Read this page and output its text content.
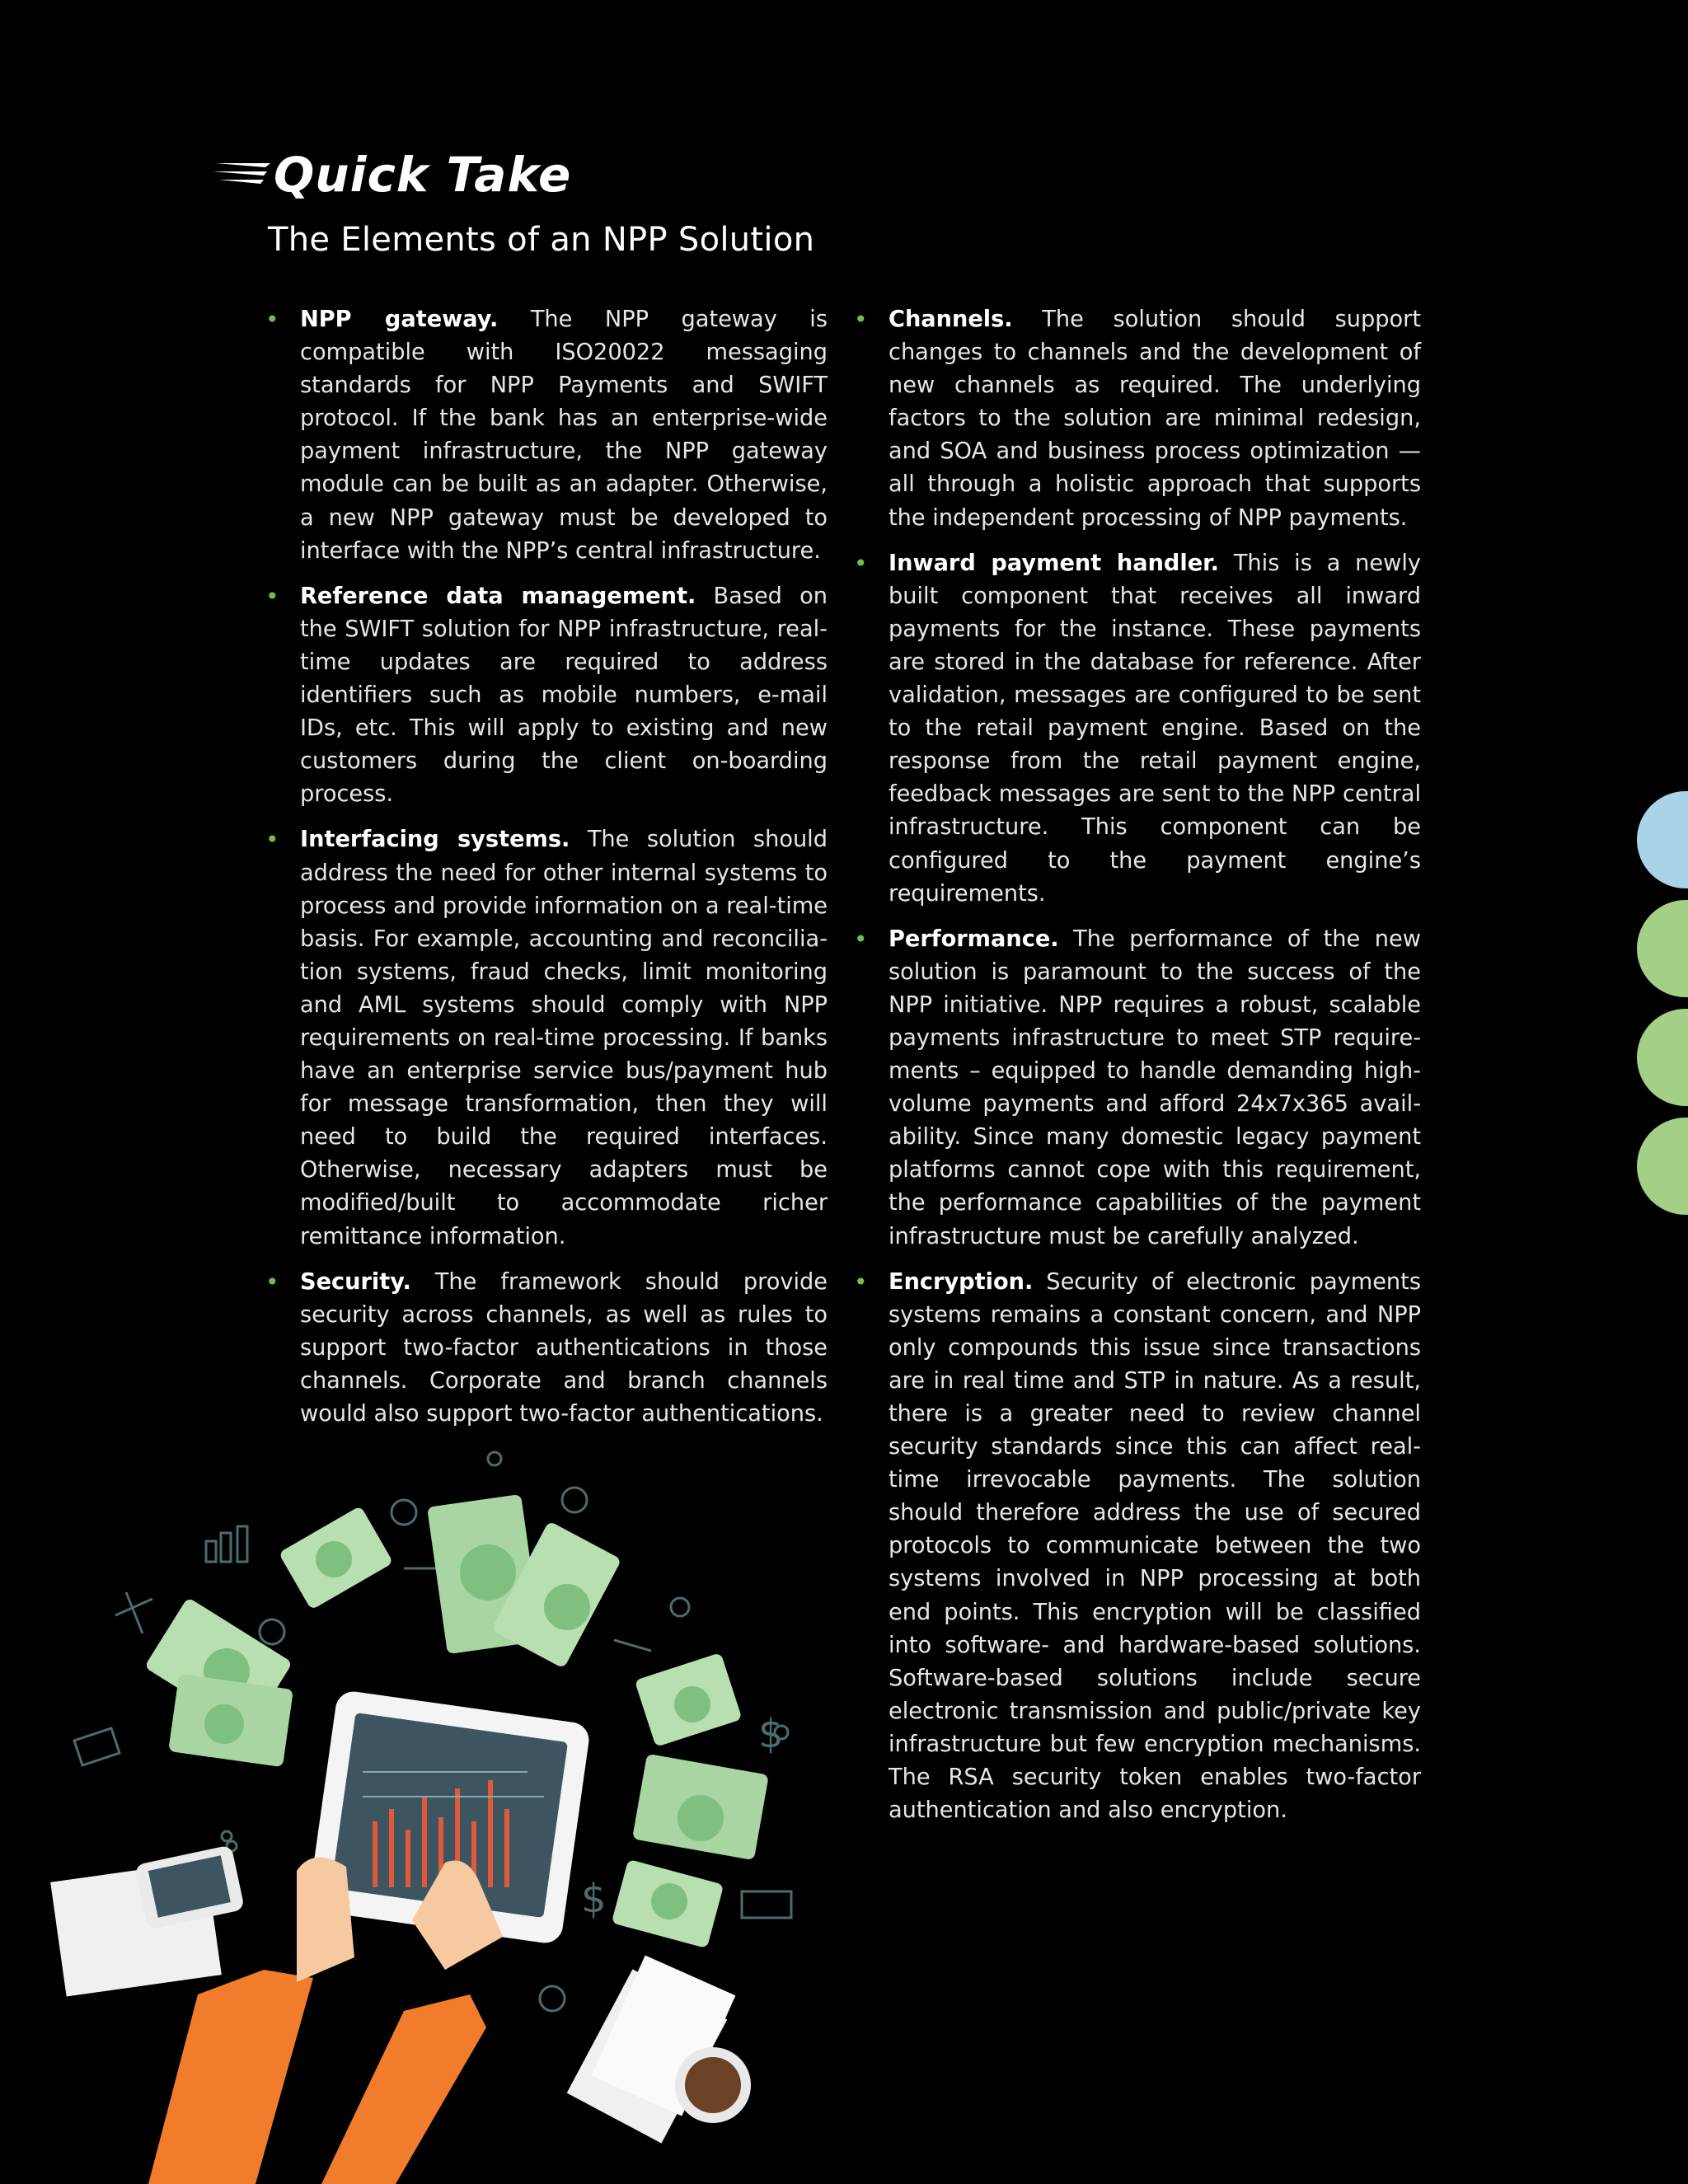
Quick Take
The Elements of an NPP Solution
• NPP gateway. The NPP gateway is compatible with ISO20022 messaging standards for NPP Payments and SWIFT protocol. If the bank has an enterprise-wide payment infrastructure, the NPP gateway module can be built as an adapter. Otherwise, a new NPP gateway must be developed to interface with the NPP’s central infrastructure.
• Reference data management. Based on the SWIFT solution for NPP infrastructure, real-time updates are required to address identifiers such as mobile numbers, e-mail IDs, etc. This will apply to existing and new customers during the client on-boarding process.
• Interfacing systems. The solution should address the need for other internal systems to process and provide information on a real-time basis. For example, accounting and reconciliation systems, fraud checks, limit monitoring and AML systems should comply with NPP requirements on real-time processing. If banks have an enterprise service bus/payment hub for message transformation, then they will need to build the required interfaces. Otherwise, necessary adapters must be modified/built to accommodate richer remittance information.
• Security. The framework should provide security across channels, as well as rules to support two-factor authentications in those channels. Corporate and branch channels would also support two-factor authentications.
• Channels. The solution should support changes to channels and the development of new channels as required. The underlying factors to the solution are minimal redesign, and SOA and business process optimization — all through a holistic approach that supports the independent processing of NPP payments.
• Inward payment handler. This is a newly built component that receives all inward payments for the instance. These payments are stored in the database for reference. After validation, messages are configured to be sent to the retail payment engine. Based on the response from the retail payment engine, feedback messages are sent to the NPP central infrastructure. This component can be configured to the payment engine’s requirements.
• Performance. The performance of the new solution is paramount to the success of the NPP initiative. NPP requires a robust, scalable payments infrastructure to meet STP requirements – equipped to handle demanding high-volume payments and afford 24x7x365 availability. Since many domestic legacy payment platforms cannot cope with this requirement, the performance capabilities of the payment infrastructure must be carefully analyzed.
• Encryption. Security of electronic payments systems remains a constant concern, and NPP only compounds this issue since transactions are in real time and STP in nature. As a result, there is a greater need to review channel security standards since this can affect real-time irrevocable payments. The solution should therefore address the use of secured protocols to communicate between the two systems involved in NPP processing at both end points. This encryption will be classified into software- and hardware-based solutions. Software-based solutions include secure electronic transmission and public/private key infrastructure but few encryption mechanisms. The RSA security token enables two-factor authentication and also encryption.
$
$
